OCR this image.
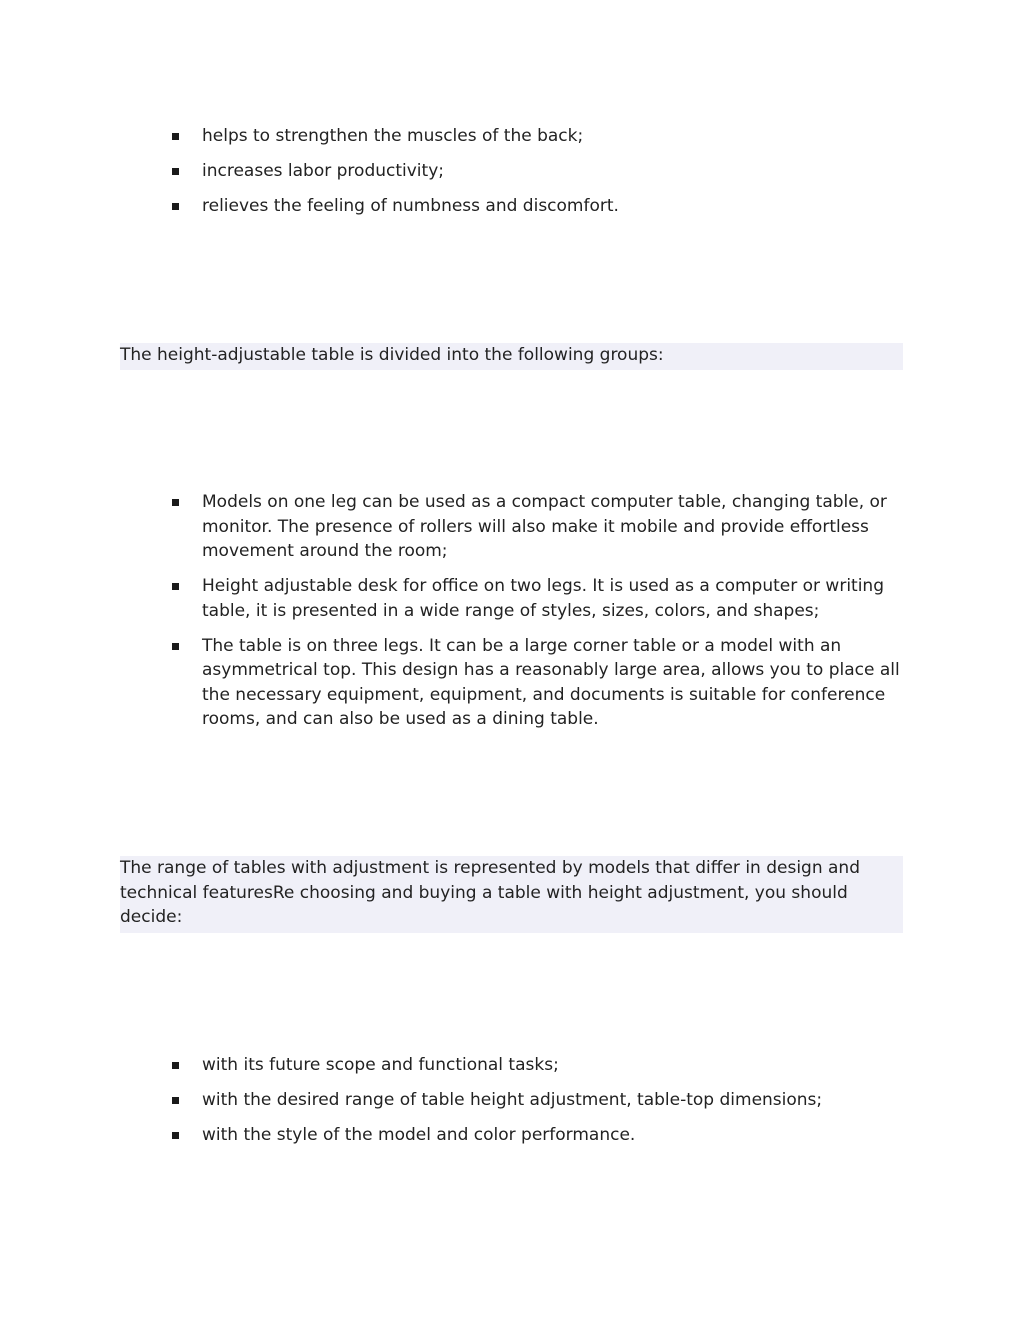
helps to strengthen the muscles of the back;
increases labor productivity;
relieves the feeling of numbness and discomfort.

The height-adjustable table is divided into the following groups:

Models on one leg can be used as a compact computer table, changing table, or monitor. The presence of rollers will also make it mobile and provide effortless movement around the room;
Height adjustable desk for office on two legs. It is used as a computer or writing table, it is presented in a wide range of styles, sizes, colors, and shapes;
The table is on three legs. It can be a large corner table or a model with an asymmetrical top. This design has a reasonably large area, allows you to place all the necessary equipment, equipment, and documents is suitable for conference rooms, and can also be used as a dining table.

The range of tables with adjustment is represented by models that differ in design and technical featuresRe choosing and buying a table with height adjustment, you should decide:

with its future scope and functional tasks;
with the desired range of table height adjustment, table-top dimensions;
with the style of the model and color performance.
